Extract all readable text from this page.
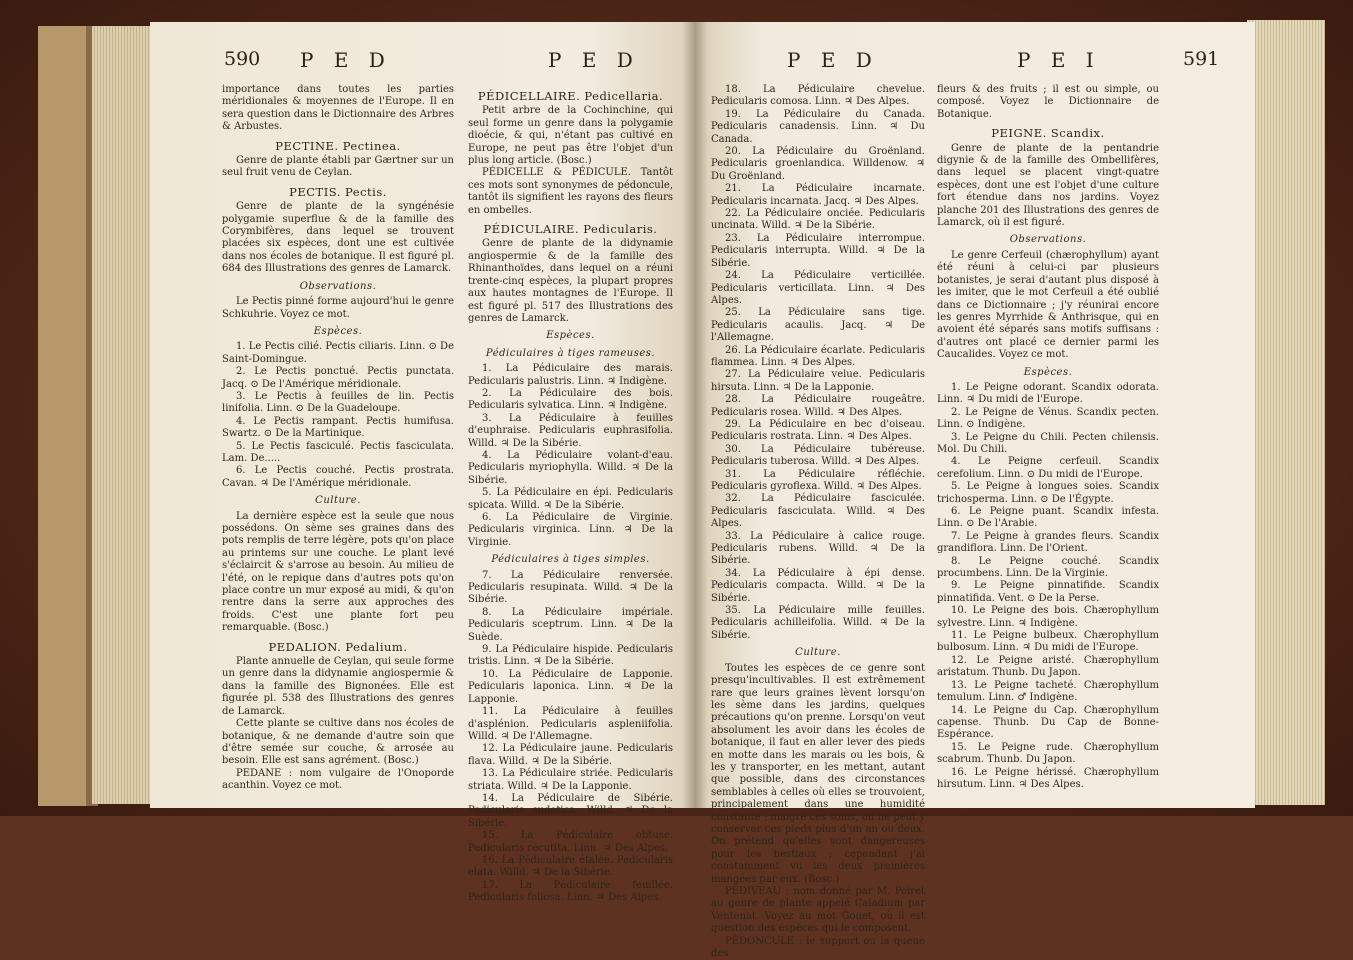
590 P E D	P E D

importance dans toutes les parties méridionales & moyennes de l'Europe. Il en sera question dans le Dictionnaire des Arbres & Arbustes.

PECTINE. Pectinea.

Genre de plante établi par Gærtner sur un seul fruit venu de Ceylan.

PECTIS. Pectis.

Genre de plante de la syngénésie polygamie superflue & de la famille des Corymbifères, dans lequel se trouvent placées six espèces, dont une est cultivée dans nos écoles de botanique. Il est figuré pl. 684 des Illustrations des genres de Lamarck.

Observations.

Le Pectis pinné forme aujourd'hui le genre Schkuhrie. Voyez ce mot.

Espèces.

1. Le Pectis cilié. Pectis ciliaris. Linn. ⊙ De Saint-Domingue.

2. Le Pectis ponctué. Pectis punctata. Jacq. ⊙ De l'Amérique méridionale.

3. Le Pectis à feuilles de lin. Pectis linifolia. Linn. ⊙ De la Guadeloupe.

4. Le Pectis rampant. Pectis humifusa. Swartz. ⊙ De la Martinique.

5. Le Pectis fasciculé. Pectis fasciculata. Lam. De.....

6. Le Pectis couché. Pectis prostrata. Cavan. ♃ De l'Amérique méridionale.

Culture.

La dernière espèce est la seule que nous possédons. On sème ses graines dans des pots remplis de terre légère, pots qu'on place au printems sur une couche. Le plant levé s'éclaircit & s'arrose au besoin. Au milieu de l'été, on le repique dans d'autres pots qu'on place contre un mur exposé au midi, & qu'on rentre dans la serre aux approches des froids. C'est une plante fort peu remarquable. (Bosc.)

PEDALION. Pedalium.

Plante annuelle de Ceylan, qui seule forme un genre dans la didynamie angiospermie & dans la famille des Bignonées. Elle est figurée pl. 538 des Illustrations des genres de Lamarck.

Cette plante se cultive dans nos écoles de botanique, & ne demande d'autre soin que d'être semée sur couche, & arrosée au besoin. Elle est sans agrément. (Bosc.)

PEDANE : nom vulgaire de l'Onoporde acanthin. Voyez ce mot.

PÉDICELLAIRE. Pedicellaria.

Petit arbre de la Cochinchine, qui seul forme un genre dans la polygamie dioécie, & qui, n'étant pas cultivé en Europe, ne peut pas être l'objet d'un plus long article. (Bosc.)

PÉDICELLE & PÉDICULE. Tantôt ces mots sont synonymes de pédoncule, tantôt ils signifient les rayons des fleurs en ombelles.

PÉDICULAIRE. Pedicularis.

Genre de plante de la didynamie angiospermie & de la famille des Rhinanthoïdes, dans lequel on a réuni trente-cinq espèces, la plupart propres aux hautes montagnes de l'Europe. Il est figuré pl. 517 des Illustrations des genres de Lamarck.

Espèces.

Pédiculaires à tiges rameuses.

1. La Pédiculaire des marais. Pedicularis palustris. Linn. ♃ Indigène.

2. La Pédiculaire des bois. Pedicularis sylvatica. Linn. ♃ Indigène.

3. La Pédiculaire à feuilles d'euphraise. Pedicularis euphrasifolia. Willd. ♃ De la Sibérie.

4. La Pédiculaire volant-d'eau. Pedicularis myriophylla. Willd. ♃ De la Sibérie.

5. La Pédiculaire en épi. Pedicularis spicata. Willd. ♃ De la Sibérie.

6. La Pédiculaire de Virginie. Pedicularis virginica. Linn. ♃ De la Virginie.

Pédiculaires à tiges simples.

7. La Pédiculaire renversée. Pedicularis resupinata. Willd. ♃ De la Sibérie.

8. La Pédiculaire impériale. Pedicularis sceptrum. Linn. ♃ De la Suède.

9. La Pédiculaire hispide. Pedicularis tristis. Linn. ♃ De la Sibérie.

10. La Pédiculaire de Lapponie. Pedicularis laponica. Linn. ♃ De la Lapponie.

11. La Pédiculaire à feuilles d'asplénion. Pedicularis aspleniifolia. Willd. ♃ De l'Allemagne.

12. La Pédiculaire jaune. Pedicularis flava. Willd. ♃ De la Sibérie.

13. La Pédiculaire striée. Pedicularis striata. Willd. ♃ De la Lapponie.

14. La Pédiculaire de Sibérie. Pedicularis sudetica. Willd. ♃ De la Sibérie.

15. La Pédiculaire obtuse. Pedicularis recutita. Linn. ♃ Des Alpes.

16. La Pédiculaire étalée. Pedicularis elata. Willd. ♃ De la Sibérie.

17. La Pédiculaire feuillée. Pedicularis foliosa. Linn. ♃ Des Alpes.

P E D	P E I	591

18. La Pédiculaire chevelue. Pedicularis comosa. Linn. ♃ Des Alpes.

19. La Pédiculaire du Canada. Pedicularis canadensis. Linn. ♃ Du Canada.

20. La Pédiculaire du Groënland. Pedicularis groenlandica. Willdenow. ♃ Du Groënland.

21. La Pédiculaire incarnate. Pedicularis incarnata. Jacq. ♃ Des Alpes.

22. La Pédiculaire onciée. Pedicularis uncinata. Willd. ♃ De la Sibérie.

23. La Pédiculaire interrompue. Pedicularis interrupta. Willd. ♃ De la Sibérie.

24. La Pédiculaire verticillée. Pedicularis verticillata. Linn. ♃ Des Alpes.

25. La Pédiculaire sans tige. Pedicularis acaulis. Jacq. ♃ De l'Allemagne.

26. La Pédiculaire écarlate. Pedicularis flammea. Linn. ♃ Des Alpes.

27. La Pédiculaire velue. Pedicularis hirsuta. Linn. ♃ De la Lapponie.

28. La Pédiculaire rougeâtre. Pedicularis rosea. Willd. ♃ Des Alpes.

29. La Pédiculaire en bec d'oiseau. Pedicularis rostrata. Linn. ♃ Des Alpes.

30. La Pédiculaire tubéreuse. Pedicularis tuberosa. Willd. ♃ Des Alpes.

31. La Pédiculaire réfléchie. Pedicularis gyroflexa. Willd. ♃ Des Alpes.

32. La Pédiculaire fasciculée. Pedicularis fasciculata. Willd. ♃ Des Alpes.

33. La Pédiculaire à calice rouge. Pedicularis rubens. Willd. ♃ De la Sibérie.

34. La Pédiculaire à épi dense. Pedicularis compacta. Willd. ♃ De la Sibérie.

35. La Pédiculaire mille feuilles. Pedicularis achilleifolia. Willd. ♃ De la Sibérie.

Culture.

Toutes les espèces de ce genre sont presqu'incultivables. Il est extrêmement rare que leurs graines lèvent lorsqu'on les sème dans les jardins, quelques précautions qu'on prenne. Lorsqu'on veut absolument les avoir dans les écoles de botanique, il faut en aller lever des pieds en motte dans les marais ou les bois, & les y transporter, en les mettant, autant que possible, dans des circonstances semblables à celles où elles se trouvoient, principalement dans une humidité constante ; malgré ces soins, on ne peut y conserver ces pieds plus d'un an ou deux. On prétend qu'elles sont dangereuses pour les bestiaux ; cependant j'ai constamment vu les deux premières mangées par eux. (Bosc.)

PÉDIVEAU : nom donné par M. Poiret au genre de plante appelé Caladium par Ventenat. Voyez au mot Gouet, où il est question des espèces qui le composent.

PÉDONCULE : le support ou la queue des

fleurs & des fruits ; il est ou simple, ou composé. Voyez le Dictionnaire de Botanique.

PEIGNE. Scandix.

Genre de plante de la pentandrie digynie & de la famille des Ombellifères, dans lequel se placent vingt-quatre espèces, dont une est l'objet d'une culture fort étendue dans nos jardins. Voyez planche 201 des Illustrations des genres de Lamarck, où il est figuré.

Observations.

Le genre Cerfeuil (chærophyllum) ayant été réuni à celui-ci par plusieurs botanistes, je serai d'autant plus disposé à les imiter, que le mot Cerfeuil a été oublié dans ce Dictionnaire ; j'y réunirai encore les genres Myrrhide & Anthrisque, qui en avoient été séparés sans motifs suffisans : d'autres ont placé ce dernier parmi les Caucalides. Voyez ce mot.

Espèces.

1. Le Peigne odorant. Scandix odorata. Linn. ♃ Du midi de l'Europe.

2. Le Peigne de Vénus. Scandix pecten. Linn. ⊙ Indigène.

3. Le Peigne du Chili. Pecten chilensis. Mol. Du Chili.

4. Le Peigne cerfeuil. Scandix cerefolium. Linn. ⊙ Du midi de l'Europe.

5. Le Peigne à longues soies. Scandix trichosperma. Linn. ⊙ De l'Égypte.

6. Le Peigne puant. Scandix infesta. Linn. ⊙ De l'Arabie.

7. Le Peigne à grandes fleurs. Scandix grandiflora. Linn. De l'Orient.

8. Le Peigne couché. Scandix procumbens. Linn. De la Virginie.

9. Le Peigne pinnatifide. Scandix pinnatifida. Vent. ⊙ De la Perse.

10. Le Peigne des bois. Chærophyllum sylvestre. Linn. ♃ Indigène.

11. Le Peigne bulbeux. Chærophyllum bulbosum. Linn. ♃ Du midi de l'Europe.

12. Le Peigne aristé. Chærophyllum aristatum. Thunb. Du Japon.

13. Le Peigne tacheté. Chærophyllum temulum. Linn. ♂ Indigène.

14. Le Peigne du Cap. Chærophyllum capense. Thunb. Du Cap de Bonne-Espérance.

15. Le Peigne rude. Chærophyllum scabrum. Thunb. Du Japon.

16. Le Peigne hérissé. Chærophyllum hirsutum. Linn. ♃ Des Alpes.
